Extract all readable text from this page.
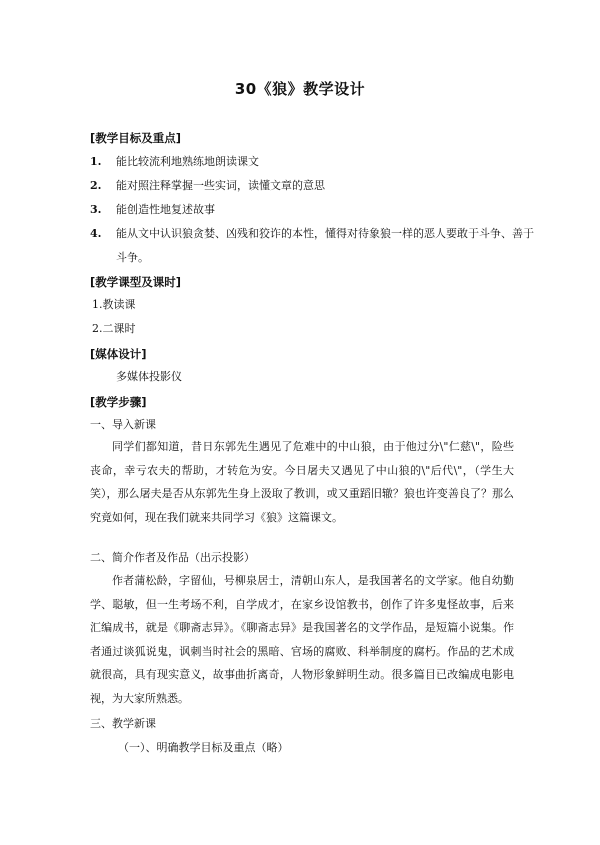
30《狼》教学设计
[教学目标及重点]
1. 能比较流利地熟练地朗读课文
2. 能对照注释掌握一些实词，读懂文章的意思
3. 能创造性地复述故事
4. 能从文中认识狼贪婪、凶残和狡诈的本性，懂得对待象狼一样的恶人要敢于斗争、善于
斗争。
[教学课型及课时]
1.教读课
2.二课时
[媒体设计]
多媒体投影仪
[教学步骤]
一、导入新课

同学们都知道，昔日东郭先生遇见了危难中的中山狼，由于他过分\"仁慈\"，险些丧命，幸亏农夫的帮助，才转危为安。今日屠夫又遇见了中山狼的\"后代\"，（学生大笑），那么屠夫是否从东郭先生身上汲取了教训，或又重蹈旧辙？狼也许变善良了？那么究竟如何，现在我们就来共同学习《狼》这篇课文。

二、简介作者及作品（出示投影）

作者蒲松龄，字留仙，号柳泉居士，清朝山东人，是我国著名的文学家。他自幼勤学、聪敏，但一生考场不利，自学成才，在家乡设馆教书，创作了许多鬼怪故事，后来汇编成书，就是《聊斋志异》。《聊斋志异》是我国著名的文学作品，是短篇小说集。作者通过谈狐说鬼，讽刺当时社会的黑暗、官场的腐败、科举制度的腐朽。作品的艺术成就很高，具有现实意义，故事曲折离奇，人物形象鲜明生动。很多篇目已改编成电影电视，为大家所熟悉。

三、教学新课
（一）、明确教学目标及重点（略）
